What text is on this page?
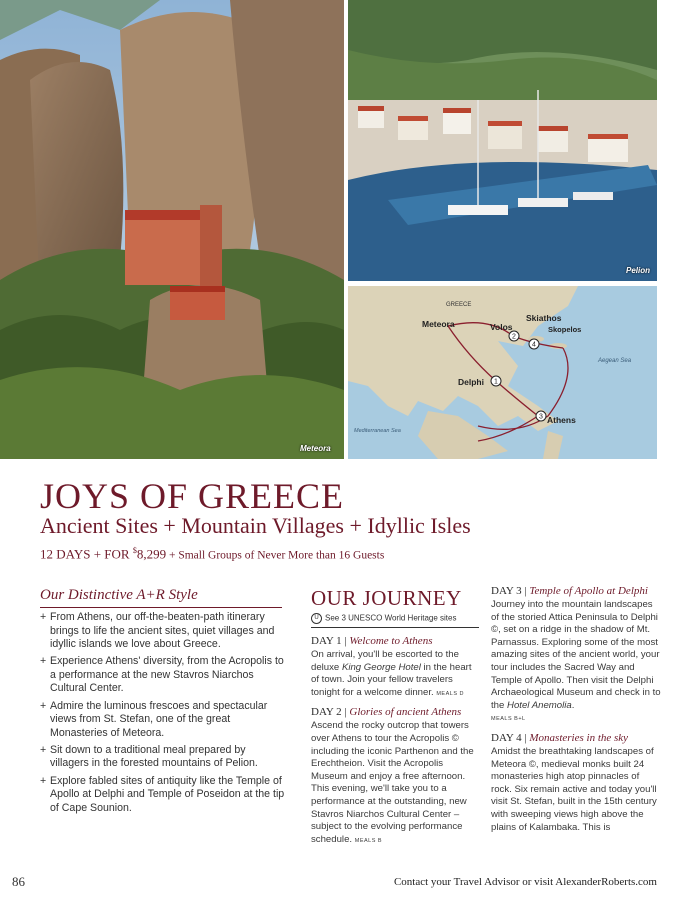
Meteora
Pelion
1
2
3
4
GREECE
Meteora	Volos
Skiathos
Skopelos
Delphi
Athens
Aegean Sea
Mediterranean Sea
JOYS OF GREECE
Ancient Sites + Mountain Villages + Idyllic Isles
12 DAYS + FOR $8,299 + Small Groups of Never More than 16 Guests
Our Distinctive A+R Style
+ From Athens, our off-the-beaten-path itinerary brings to life the ancient sites, quiet villages and idyllic islands we love about Greece.
+ Experience Athens' diversity, from the Acropolis to a performance at the new Stavros Niarchos Cultural Center.
+ Admire the luminous frescoes and spectacular views from St. Stefan, one of the great Monasteries of Meteora.
+ Sit down to a traditional meal prepared by villagers in the forested mountains of Pelion.
+ Explore fabled sites of antiquity like the Temple of Apollo at Delphi and Temple of Poseidon at the tip of Cape Sounion.
OUR JOURNEY
U See 3 UNESCO World Heritage sites
DAY 1 | Welcome to Athens
On arrival, you'll be escorted to the deluxe King George Hotel in the heart of town. Join your fellow travelers tonight for a welcome dinner. MEALS D
DAY 2 | Glories of ancient Athens
Ascend the rocky outcrop that towers over Athens to tour the Acropolis © including the iconic Parthenon and the Erechtheion. Visit the Acropolis Museum and enjoy a free afternoon. This evening, we'll take you to a performance at the outstanding, new Stavros Niarchos Cultural Center – subject to the evolving performance schedule. MEALS B
DAY 3 | Temple of Apollo at Delphi
Journey into the mountain landscapes of the storied Attica Peninsula to Delphi ©, set on a ridge in the shadow of Mt. Parnassus. Exploring some of the most amazing sites of the ancient world, your tour includes the Sacred Way and Temple of Apollo. Then visit the Delphi Archaeological Museum and check in to the Hotel Anemolia.
MEALS B+L
DAY 4 | Monasteries in the sky
Amidst the breathtaking landscapes of Meteora ©, medieval monks built 24 monasteries high atop pinnacles of rock. Six remain active and today you'll visit St. Stefan, built in the 15th century with sweeping views high above the plains of Kalambaka. This is
86	Contact your Travel Advisor or visit AlexanderRoberts.com
